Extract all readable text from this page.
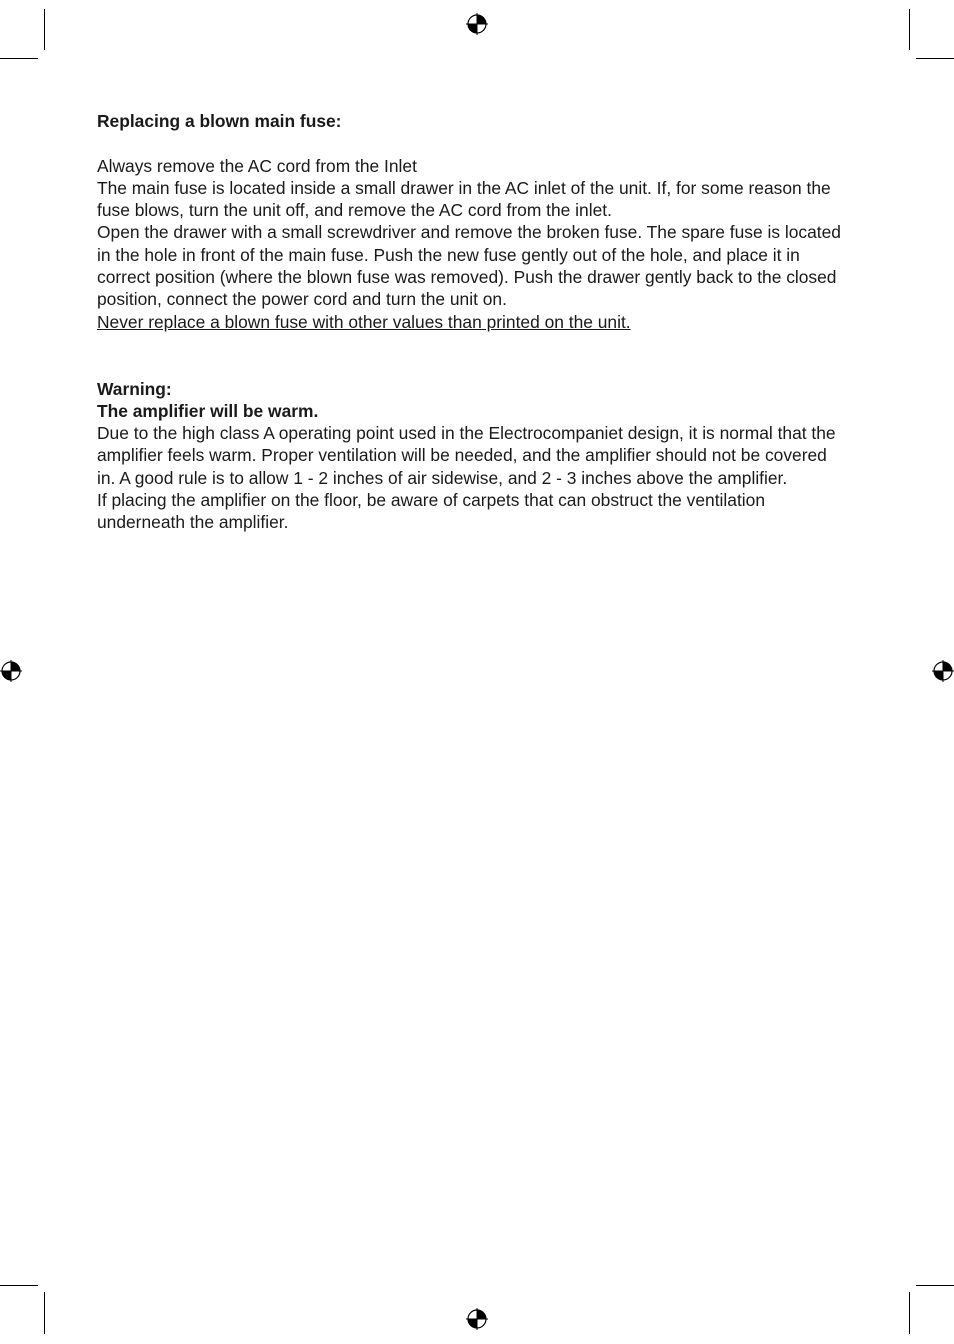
Replacing a blown main fuse:

Always remove the AC cord from the Inlet

The main fuse is located inside a small drawer in the AC inlet of the unit. If, for some reason the fuse blows, turn the unit off, and remove the AC cord from the inlet.

Open the drawer with a small screwdriver and remove the broken fuse. The spare fuse is located in the hole in front of the main fuse. Push the new fuse gently out of the hole, and place it in correct position (where the blown fuse was removed). Push the drawer gently back to the closed position, connect the power cord and turn the unit on.

Never replace a blown fuse with other values than printed on the unit.

Warning:

The amplifier will be warm.

Due to the high class A operating point used in the Electrocompaniet design, it is normal that the amplifier feels warm. Proper ventilation will be needed, and the amplifier should not be covered in. A good rule is to allow 1 - 2 inches of air sidewise, and 2 - 3 inches above the amplifier.

If placing the amplifier on the floor, be aware of carpets that can obstruct the ventilation underneath the amplifier.
